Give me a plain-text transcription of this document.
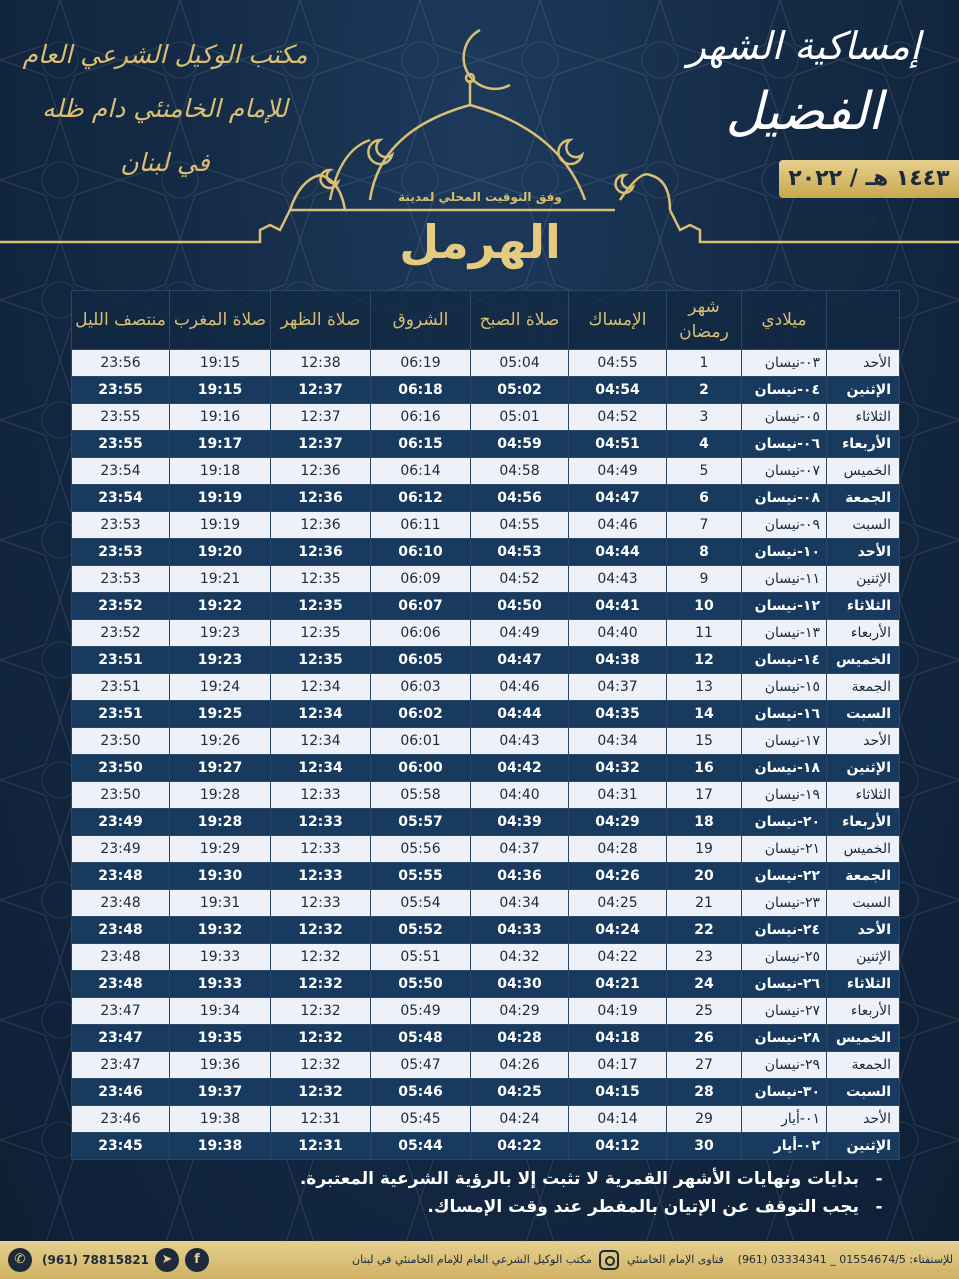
مكتب الوكيل الشرعي العام
للإمام الخامنئي دام ظله
في لبنان
إمساكية الشهر
الفضيل
١٤٤٣ هـ / ٢٠٢٢ م
وفق التوقيت المحلي لمدينة
الهرمل
	ميلادي	شهر رمضان	الإمساك	صلاة الصبح	الشروق	صلاة الظهر	صلاة المغرب	منتصف الليل
الأحد	٠٣-نيسان	1	04:55	05:04	06:19	12:38	19:15	23:56
الإثنين	٠٤-نيسان	2	04:54	05:02	06:18	12:37	19:15	23:55
الثلاثاء	٠٥-نيسان	3	04:52	05:01	06:16	12:37	19:16	23:55
الأربعاء	٠٦-نيسان	4	04:51	04:59	06:15	12:37	19:17	23:55
الخميس	٠٧-نيسان	5	04:49	04:58	06:14	12:36	19:18	23:54
الجمعة	٠٨-نيسان	6	04:47	04:56	06:12	12:36	19:19	23:54
السبت	٠٩-نيسان	7	04:46	04:55	06:11	12:36	19:19	23:53
الأحد	١٠-نيسان	8	04:44	04:53	06:10	12:36	19:20	23:53
الإثنين	١١-نيسان	9	04:43	04:52	06:09	12:35	19:21	23:53
الثلاثاء	١٢-نيسان	10	04:41	04:50	06:07	12:35	19:22	23:52
الأربعاء	١٣-نيسان	11	04:40	04:49	06:06	12:35	19:23	23:52
الخميس	١٤-نيسان	12	04:38	04:47	06:05	12:35	19:23	23:51
الجمعة	١٥-نيسان	13	04:37	04:46	06:03	12:34	19:24	23:51
السبت	١٦-نيسان	14	04:35	04:44	06:02	12:34	19:25	23:51
الأحد	١٧-نيسان	15	04:34	04:43	06:01	12:34	19:26	23:50
الإثنين	١٨-نيسان	16	04:32	04:42	06:00	12:34	19:27	23:50
الثلاثاء	١٩-نيسان	17	04:31	04:40	05:58	12:33	19:28	23:50
الأربعاء	٢٠-نيسان	18	04:29	04:39	05:57	12:33	19:28	23:49
الخميس	٢١-نيسان	19	04:28	04:37	05:56	12:33	19:29	23:49
الجمعة	٢٢-نيسان	20	04:26	04:36	05:55	12:33	19:30	23:48
السبت	٢٣-نيسان	21	04:25	04:34	05:54	12:33	19:31	23:48
الأحد	٢٤-نيسان	22	04:24	04:33	05:52	12:32	19:32	23:48
الإثنين	٢٥-نيسان	23	04:22	04:32	05:51	12:32	19:33	23:48
الثلاثاء	٢٦-نيسان	24	04:21	04:30	05:50	12:32	19:33	23:48
الأربعاء	٢٧-نيسان	25	04:19	04:29	05:49	12:32	19:34	23:47
الخميس	٢٨-نيسان	26	04:18	04:28	05:48	12:32	19:35	23:47
الجمعة	٢٩-نيسان	27	04:17	04:26	05:47	12:32	19:36	23:47
السبت	٣٠-نيسان	28	04:15	04:25	05:46	12:32	19:37	23:46
الأحد	٠١-أيار	29	04:14	04:24	05:45	12:31	19:38	23:46
الإثنين	٠٢-أيار	30	04:12	04:22	05:44	12:31	19:38	23:45
-بدايات ونهايات الأشهر القمرية لا تثبت إلا بالرؤية الشرعية المعتبرة.
-يجب التوقف عن الإتيان بالمفطر عند وقت الإمساك.
للإستفتاء: 01554674/5 _ 03334341 (961)    فتاوى الإمام الخامنئي  مكتب الوكيل الشرعي العام للإمام الخامنئي في لبنان
✆	(961) 78815821 ➤	f
